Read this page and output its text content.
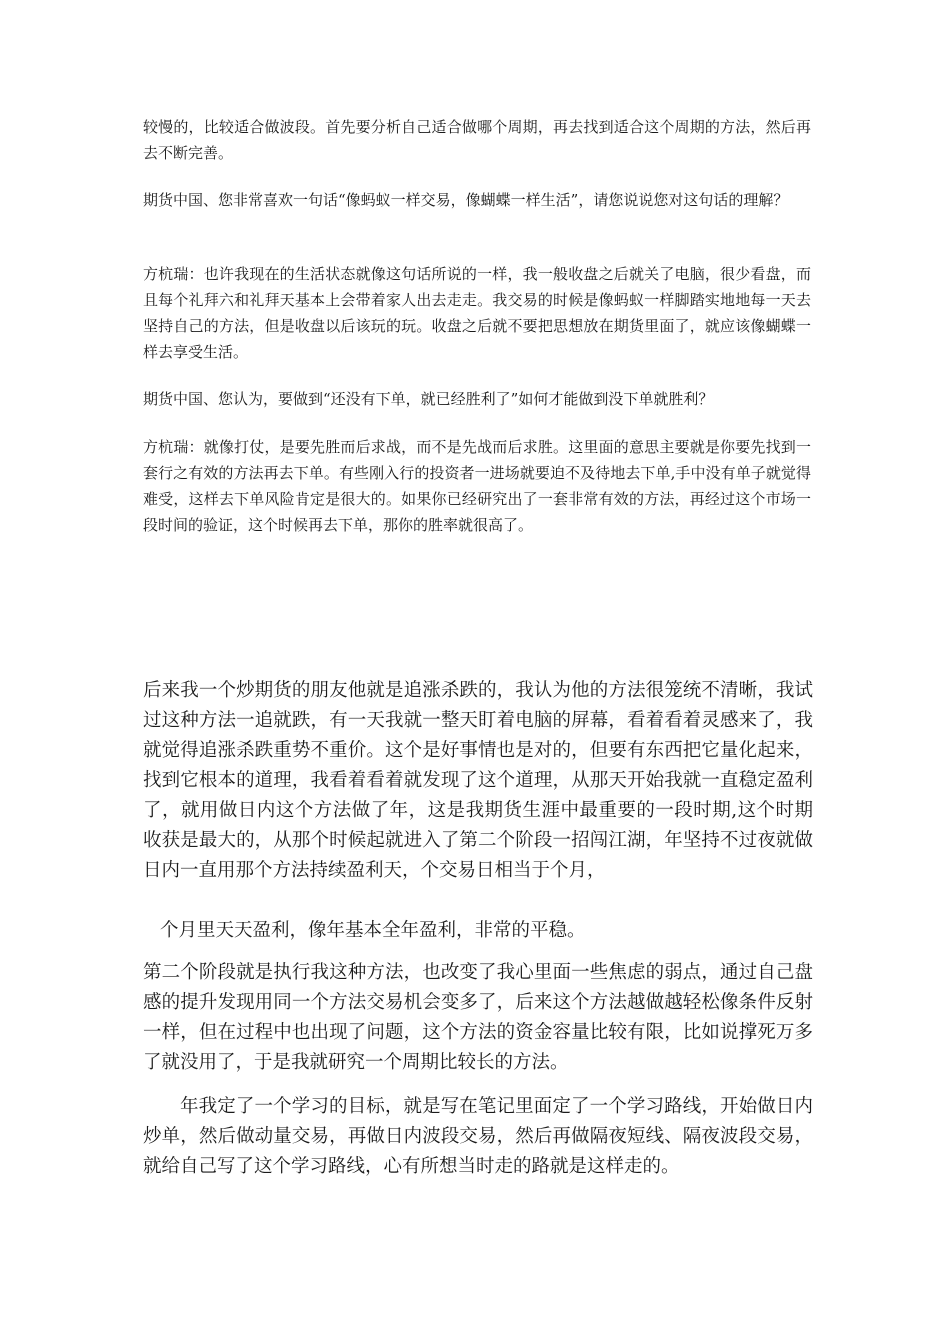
较慢的，比较适合做波段。首先要分析自己适合做哪个周期，再去找到适合这个周期的方法，然后再去不断完善。

期货中国、您非常喜欢一句话“像蚂蚁一样交易，像蝴蝶一样生活”，请您说说您对这句话的理解？

方杭瑞：也许我现在的生活状态就像这句话所说的一样，我一般收盘之后就关了电脑，很少看盘，而且每个礼拜六和礼拜天基本上会带着家人出去走走。我交易的时候是像蚂蚁一样脚踏实地地每一天去坚持自己的方法，但是收盘以后该玩的玩。收盘之后就不要把思想放在期货里面了，就应该像蝴蝶一样去享受生活。

期货中国、您认为，要做到“还没有下单，就已经胜利了”如何才能做到没下单就胜利？

方杭瑞：就像打仗，是要先胜而后求战，而不是先战而后求胜。这里面的意思主要就是你要先找到一套行之有效的方法再去下单。有些刚入行的投资者一进场就要迫不及待地去下单,手中没有单子就觉得难受，这样去下单风险肯定是很大的。如果你已经研究出了一套非常有效的方法，再经过这个市场一段时间的验证，这个时候再去下单，那你的胜率就很高了。

后来我一个炒期货的朋友他就是追涨杀跌的，我认为他的方法很笼统不清晰，我试过这种方法一追就跌，有一天我就一整天盯着电脑的屏幕，看着看着灵感来了，我就觉得追涨杀跌重势不重价。这个是好事情也是对的，但要有东西把它量化起来，找到它根本的道理，我看着看着就发现了这个道理，从那天开始我就一直稳定盈利了，就用做日内这个方法做了年，这是我期货生涯中最重要的一段时期,这个时期收获是最大的，从那个时候起就进入了第二个阶段一招闯江湖，年坚持不过夜就做日内一直用那个方法持续盈利天，个交易日相当于个月，

个月里天天盈利，像年基本全年盈利，非常的平稳。

第二个阶段就是执行我这种方法，也改变了我心里面一些焦虑的弱点，通过自己盘感的提升发现用同一个方法交易机会变多了，后来这个方法越做越轻松像条件反射一样，但在过程中也出现了问题，这个方法的资金容量比较有限，比如说撑死万多了就没用了，于是我就研究一个周期比较长的方法。

年我定了一个学习的目标，就是写在笔记里面定了一个学习路线，开始做日内炒单，然后做动量交易，再做日内波段交易，然后再做隔夜短线、隔夜波段交易，就给自己写了这个学习路线，心有所想当时走的路就是这样走的。
